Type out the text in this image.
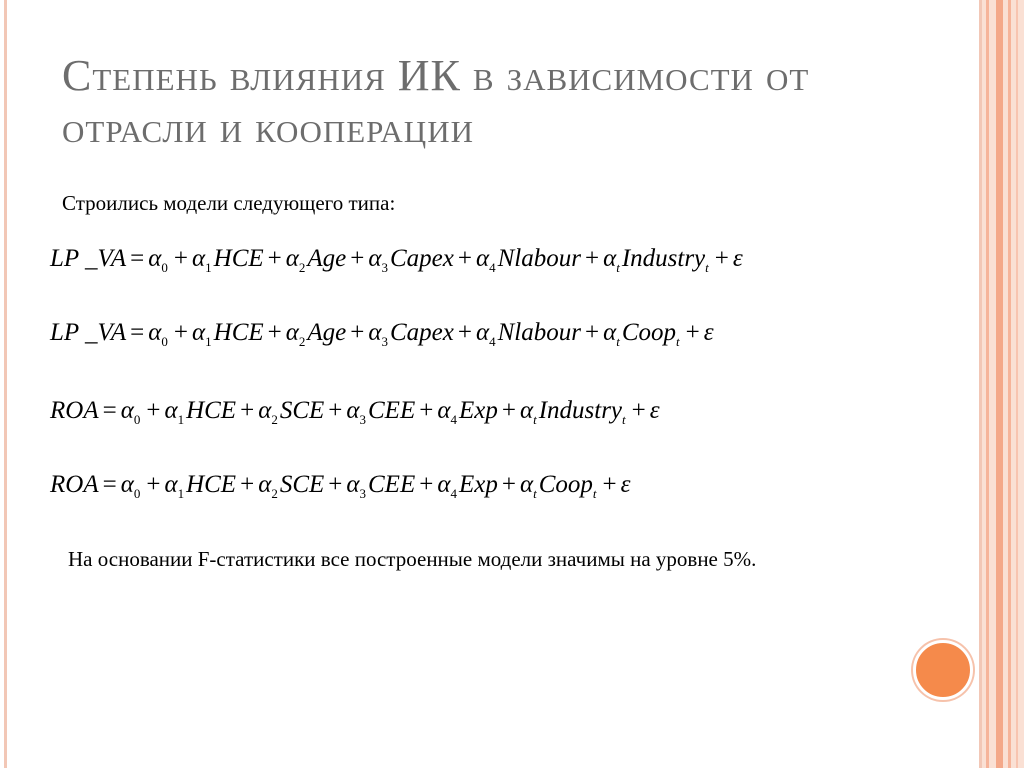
Степень влияния ИК в зависимости от отрасли и кооперации

Строились модели следующего типа:

LP _VA = $\alpha_0 + \alpha_1HCE + \alpha_2Age$ + $\alpha_3Capex$ + $\alpha_4Nlabour$ + $\alpha_tIndustry_t + \varepsilon$
LP _VA = $\alpha_0 + \alpha_1HCE + \alpha_2Age$ + $\alpha_3Capex$ + $\alpha_4Nlabour$ + $\alpha_tCoop_t + \varepsilon$
ROA = $\alpha_0 + \alpha_1HCE + \alpha_2SCE + \alpha_3CEE + \alpha_4Exp$ + $\alpha_tIndustry_t + \varepsilon$
ROA = $\alpha_0 + \alpha_1HCE + \alpha_2SCE + \alpha_3CEE + \alpha_4Exp$ + $\alpha_tCoop_t + \varepsilon$

На основании F-статистики все построенные модели значимы на уровне 5%.
